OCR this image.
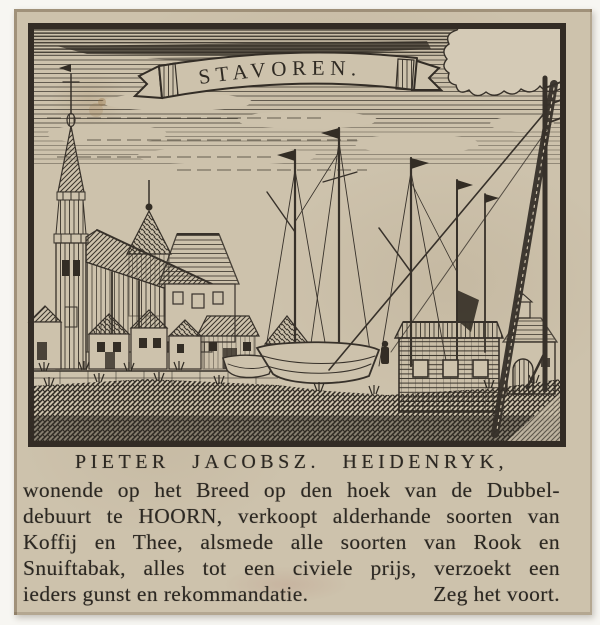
STAVOREN.
PIETER JACOBSZ. HEIDENRYK,
wonende op het Breed op den hoek van de Dubbel-
debuurt te HOORN, verkoopt alderhande soorten van
Koffij en Thee, alsmede alle soorten van Rook en
Snuiftabak, alles tot een civiele prijs, verzoekt een
ieders gunst en rekommandatie.	Zeg het voort.
